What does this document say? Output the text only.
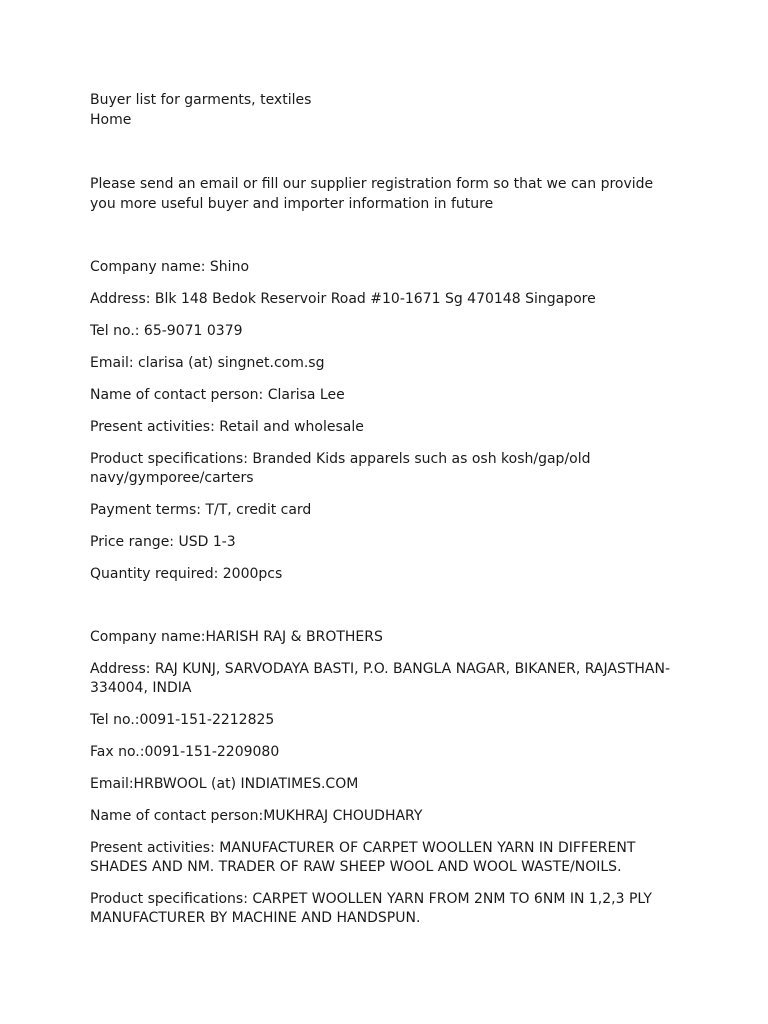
Buyer list for garments, textiles

Home

Please send an email or fill our supplier registration form so that we can provide you more useful buyer and importer information in future

Company name: Shino

Address: Blk 148 Bedok Reservoir Road #10-1671 Sg 470148 Singapore

Tel no.: 65-9071 0379

Email: clarisa (at) singnet.com.sg

Name of contact person: Clarisa Lee

Present activities: Retail and wholesale

Product specifications: Branded Kids apparels such as osh kosh/gap/old navy/gymporee/carters

Payment terms: T/T, credit card

Price range: USD 1-3

Quantity required: 2000pcs

Company name:HARISH RAJ & BROTHERS

Address: RAJ KUNJ, SARVODAYA BASTI, P.O. BANGLA NAGAR, BIKANER, RAJASTHAN-334004, INDIA

Tel no.:0091-151-2212825

Fax no.:0091-151-2209080

Email:HRBWOOL (at) INDIATIMES.COM

Name of contact person:MUKHRAJ CHOUDHARY

Present activities: MANUFACTURER OF CARPET WOOLLEN YARN IN DIFFERENT SHADES AND NM. TRADER OF RAW SHEEP WOOL AND WOOL WASTE/NOILS.

Product specifications: CARPET WOOLLEN YARN FROM 2NM TO 6NM IN 1,2,3 PLY MANUFACTURER BY MACHINE AND HANDSPUN.
